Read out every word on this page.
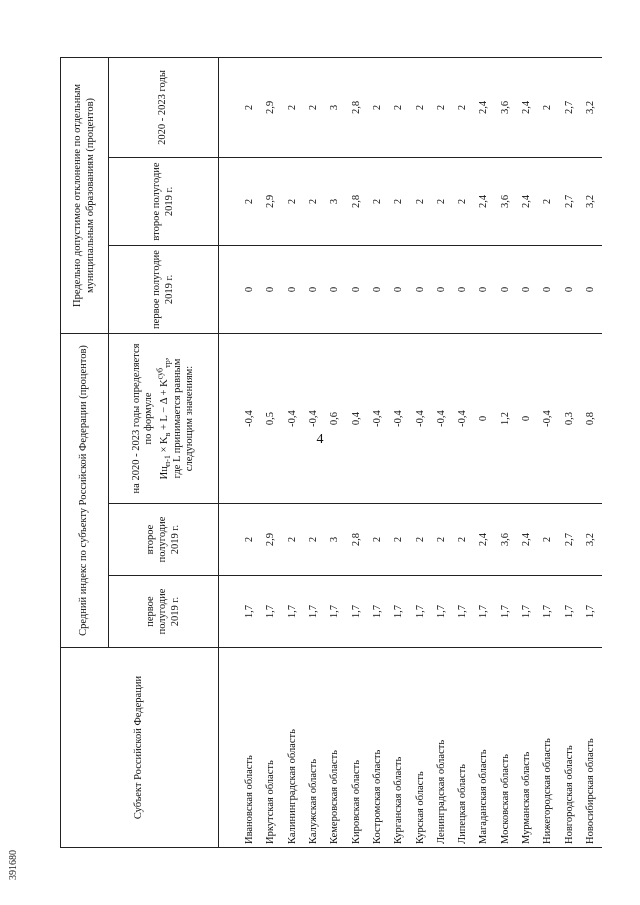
4
391680
Субъект Российской Федерации	Средний индекс по субъекту Российской Федерации (процентов)			Предельно допустимое отклонение по отдельным муниципальным образованиям (процентов)		
	первое полугодие 2019 г.	второе полугодие 2019 г.	на 2020 - 2023 годы определяется по формуле
$Иц_{п-1} \times K_в + L - \Delta + K^{суб}_{тр}$, где L принимается равным следующим значениям:	первое полугодие 2019 г.	второе полугодие 2019 г.	2020 - 2023 годы

Ивановская область	1,7	2	-0,4	0	2	2
Иркутская область	1,7	2,9	0,5	0	2,9	2,9
Калининградская область	1,7	2	-0,4	0	2	2
Калужская область	1,7	2	-0,4	0	2	2
Кемеровская область	1,7	3	0,6	0	3	3
Кировская область	1,7	2,8	0,4	0	2,8	2,8
Костромская область	1,7	2	-0,4	0	2	2
Курганская область	1,7	2	-0,4	0	2	2
Курская область	1,7	2	-0,4	0	2	2
Ленинградская область	1,7	2	-0,4	0	2	2
Липецкая область	1,7	2	-0,4	0	2	2
Магаданская область	1,7	2,4	0	0	2,4	2,4
Московская область	1,7	3,6	1,2	0	3,6	3,6
Мурманская область	1,7	2,4	0	0	2,4	2,4
Нижегородская область	1,7	2	-0,4	0	2	2
Новгородская область	1,7	2,7	0,3	0	2,7	2,7
Новосибирская область	1,7	3,2	0,8	0	3,2	3,2
